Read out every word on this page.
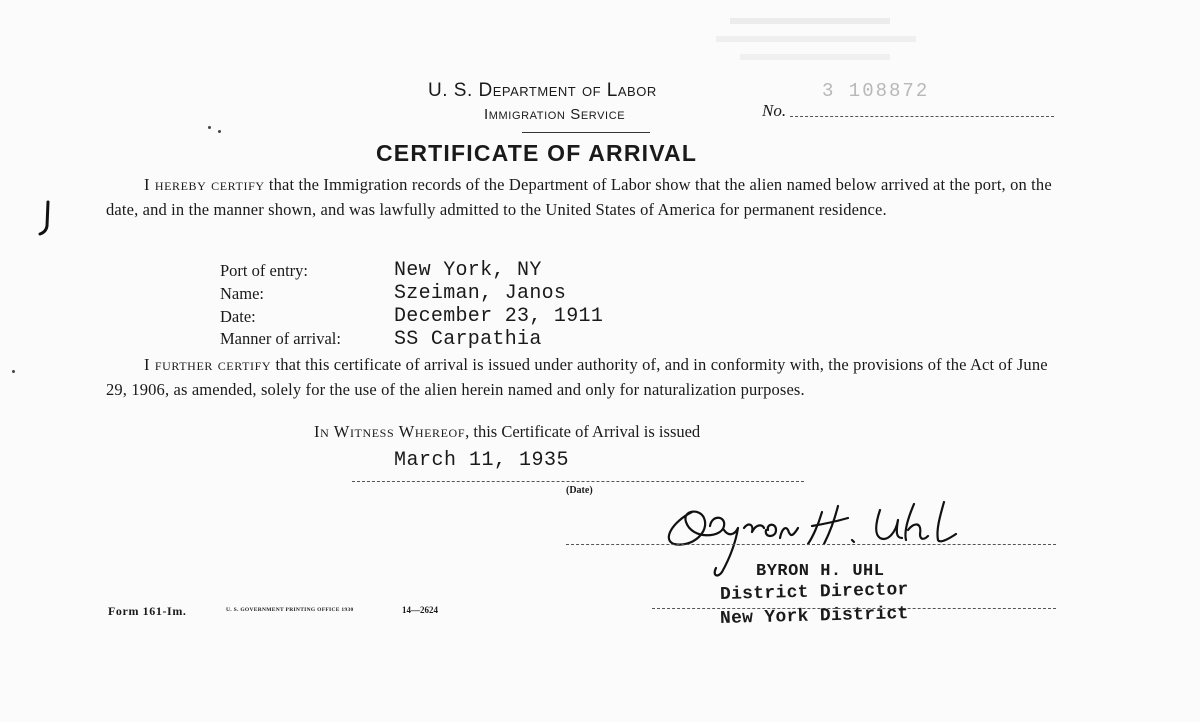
U. S. Department of Labor
Immigration Service	No.
3 108872
CERTIFICATE OF ARRIVAL
I hereby certify that the Immigration records of the Department of Labor show that the alien named below arrived at the port, on the date, and in the manner shown, and was lawfully admitted to the United States of America for permanent residence.
Port of entry:	New York, NY
Name:	Szeiman, Janos
Date:	December 23, 1911
Manner of arrival:	SS Carpathia
I further certify that this certificate of arrival is issued under authority of, and in conformity with, the provisions of the Act of June 29, 1906, as amended, solely for the use of the alien herein named and only for naturalization purposes.
In Witness Whereof, this Certificate of Arrival is issued
March 11, 1935
(Date)
BYRON H. UHL
District Director
New York District
Form 161-Im.	U. S. GOVERNMENT PRINTING OFFICE 1930	14—2624
